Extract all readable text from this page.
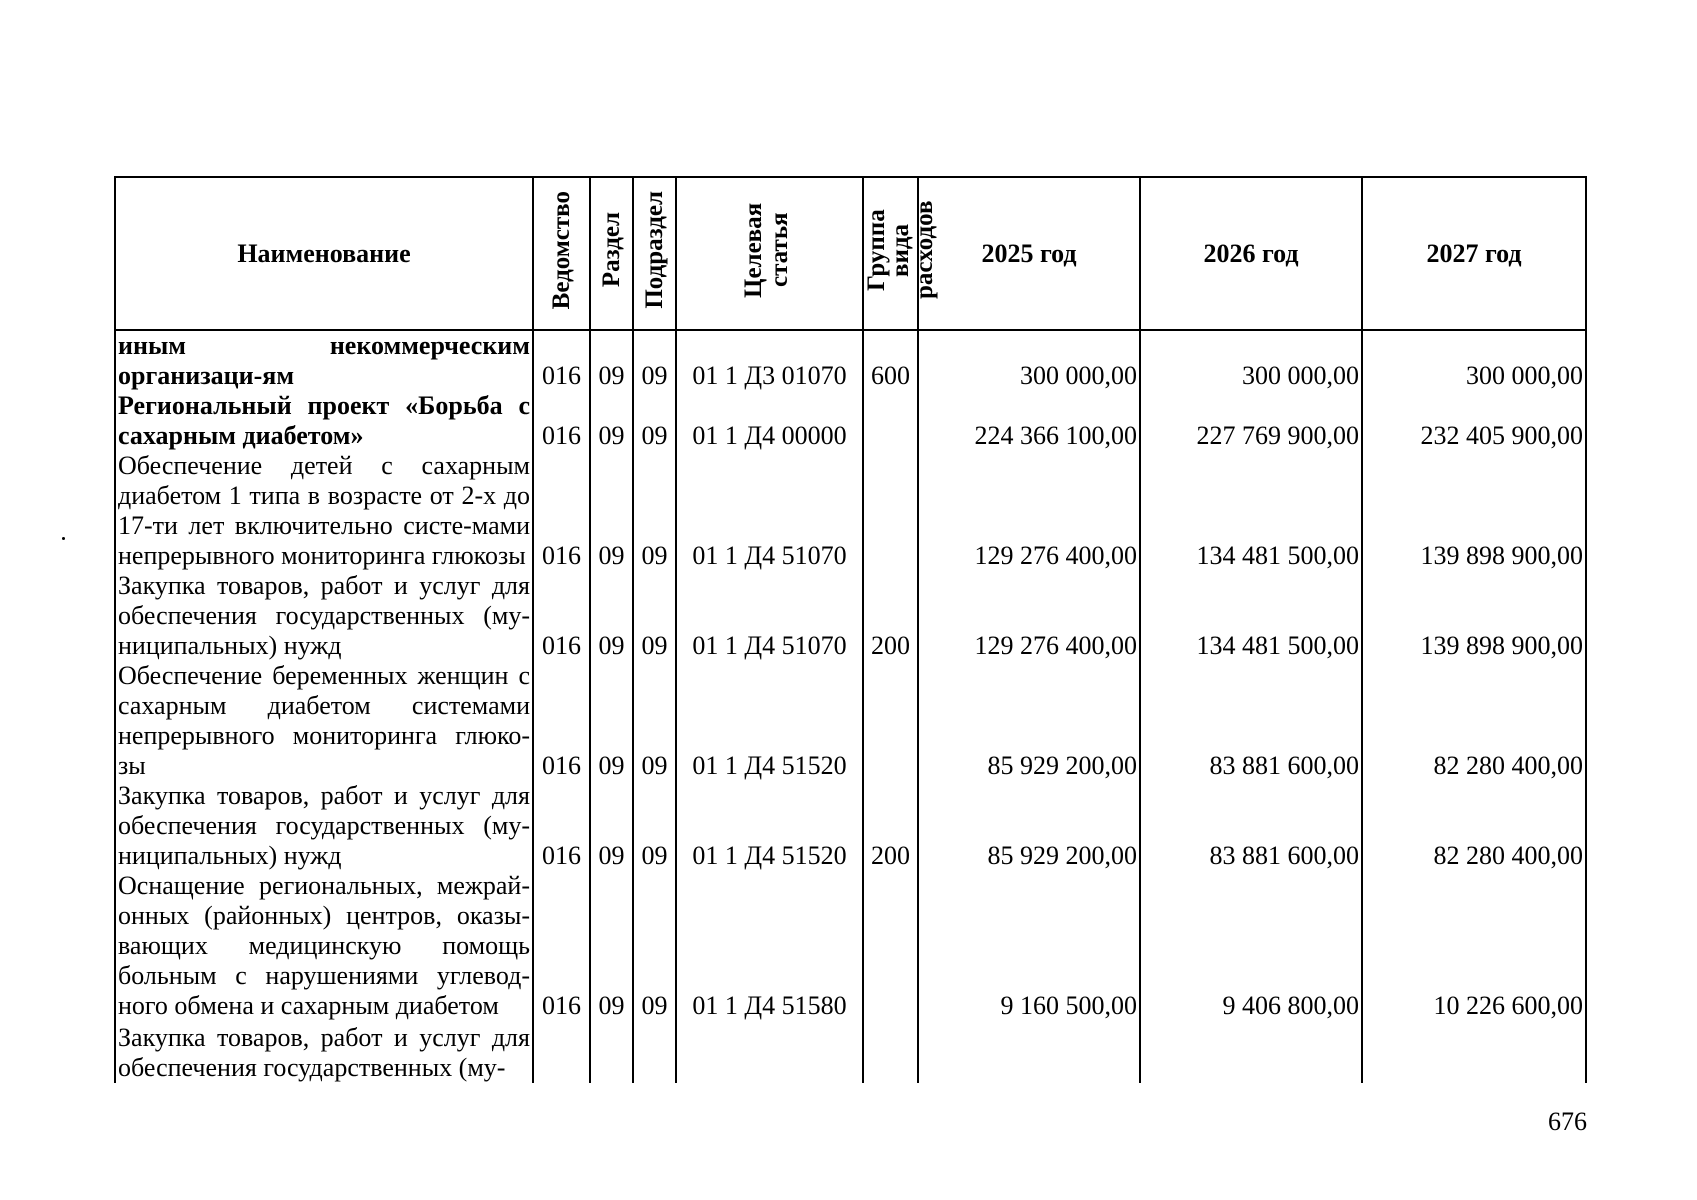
Наименование	Ведомство	Раздел	Подраздел	Целевая статья	Группа вида расходов	2025 год	2026 год	2027 год
иным некоммерческим организаци-ям	016	09	09	01 1 Д3 01070	600	300 000,00	300 000,00	300 000,00
Региональный проект «Борьба с сахарным диабетом»	016	09	09	01 1 Д4 00000		224 366 100,00	227 769 900,00	232 405 900,00
Обеспечение детей с сахарным диабетом 1 типа в возрасте от 2-х до 17-ти лет включительно систе-мами непрерывного мониторинга глюкозы	016	09	09	01 1 Д4 51070		129 276 400,00	134 481 500,00	139 898 900,00
Закупка товаров, работ и услуг для обеспечения государственных (му-ниципальных) нужд	016	09	09	01 1 Д4 51070	200	129 276 400,00	134 481 500,00	139 898 900,00
Обеспечение беременных женщин с сахарным диабетом системами непрерывного мониторинга глюко-зы	016	09	09	01 1 Д4 51520		85 929 200,00	83 881 600,00	82 280 400,00
Закупка товаров, работ и услуг для обеспечения государственных (му-ниципальных) нужд	016	09	09	01 1 Д4 51520	200	85 929 200,00	83 881 600,00	82 280 400,00
Оснащение региональных, межрай-онных (районных) центров, оказы-вающих медицинскую помощь больным с нарушениями углевод-ного обмена и сахарным диабетом	016	09	09	01 1 Д4 51580		9 160 500,00	9 406 800,00	10 226 600,00
Закупка товаров, работ и услуг для обеспечения государственных (му-								
676
